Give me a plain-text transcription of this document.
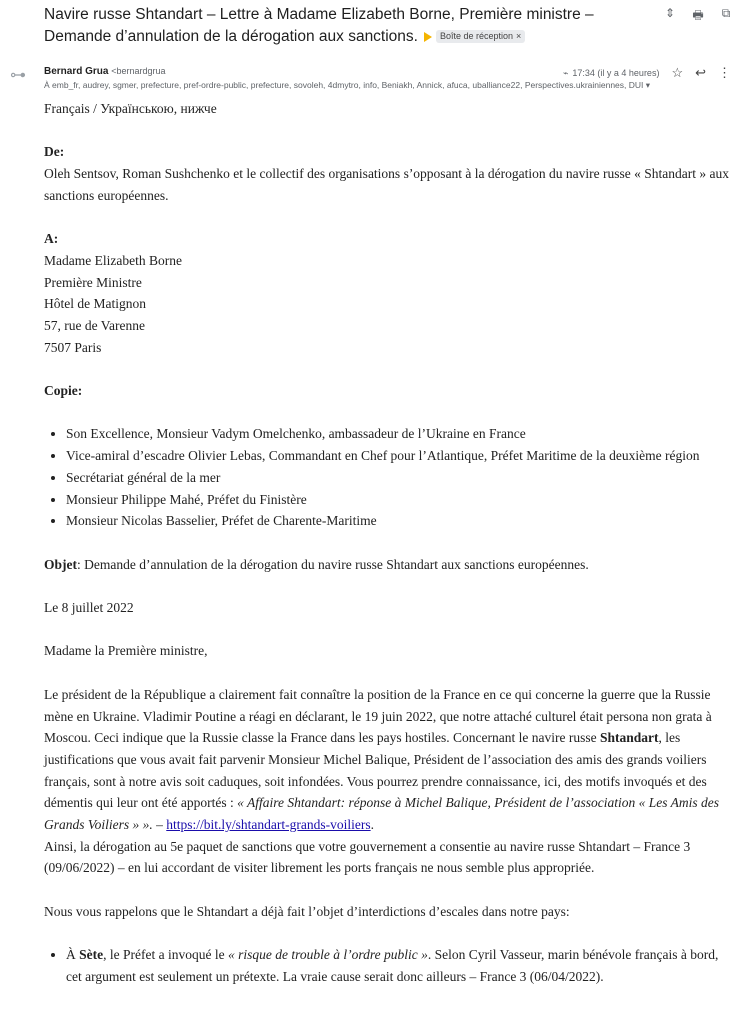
Navire russe Shtandart – Lettre à Madame Elizabeth Borne, Première ministre – Demande d’annulation de la dérogation aux sanctions. Boîte de réception ×
⇕ 🖶 ⧉
⊶	Bernard Grua <bernardgrua
À emb_fr, audrey, sgmer, prefecture, pref-ordre-public, prefecture, sovoleh, 4dmytro, info, Beniakh, Annick, afuca, uballiance22, Perspectives.ukrainiennes, DUI ▾
⌁ 17:34 (il y a 4 heures) ☆ ↩ ⋮

Français / Українською, нижче

De:

Oleh Sentsov, Roman Sushchenko et le collectif des organisations s’opposant à la dérogation du navire russe « Shtandart » aux sanctions européennes.

A:

Madame Elizabeth Borne

Première Ministre

Hôtel de Matignon

57, rue de Varenne

7507 Paris

Copie:

• Son Excellence, Monsieur Vadym Omelchenko, ambassadeur de l’Ukraine en France
• Vice-amiral d’escadre Olivier Lebas, Commandant en Chef pour l’Atlantique, Préfet Maritime de la deuxième région
• Secrétariat général de la mer
• Monsieur Philippe Mahé, Préfet du Finistère
• Monsieur Nicolas Basselier, Préfet de Charente-Maritime

Objet: Demande d’annulation de la dérogation du navire russe Shtandart aux sanctions européennes.

Le 8 juillet 2022

Madame la Première ministre,

Le président de la République a clairement fait connaître la position de la France en ce qui concerne la guerre que la Russie mène en Ukraine. Vladimir Poutine a réagi en déclarant, le 19 juin 2022, que notre attaché culturel était persona non grata à Moscou. Ceci indique que la Russie classe la France dans les pays hostiles. Concernant le navire russe Shtandart, les justifications que vous avait fait parvenir Monsieur Michel Balique, Président de l’association des amis des grands voiliers français, sont à notre avis soit caduques, soit infondées. Vous pourrez prendre connaissance, ici, des motifs invoqués et des démentis qui leur ont été apportés : « Affaire Shtandart: réponse à Michel Balique, Président de l’association « Les Amis des Grands Voiliers » ». – https://bit.ly/shtandart-grands-voiliers.

Ainsi, la dérogation au 5e paquet de sanctions que votre gouvernement a consentie au navire russe Shtandart – France 3 (09/06/2022) – en lui accordant de visiter librement les ports français ne nous semble plus appropriée.

Nous vous rappelons que le Shtandart a déjà fait l’objet d’interdictions d’escales dans notre pays:

• À Sète, le Préfet a invoqué le « risque de trouble à l’ordre public ». Selon Cyril Vasseur, marin bénévole français à bord, cet argument est seulement un prétexte. La vraie cause serait donc ailleurs – France 3 (06/04/2022).
